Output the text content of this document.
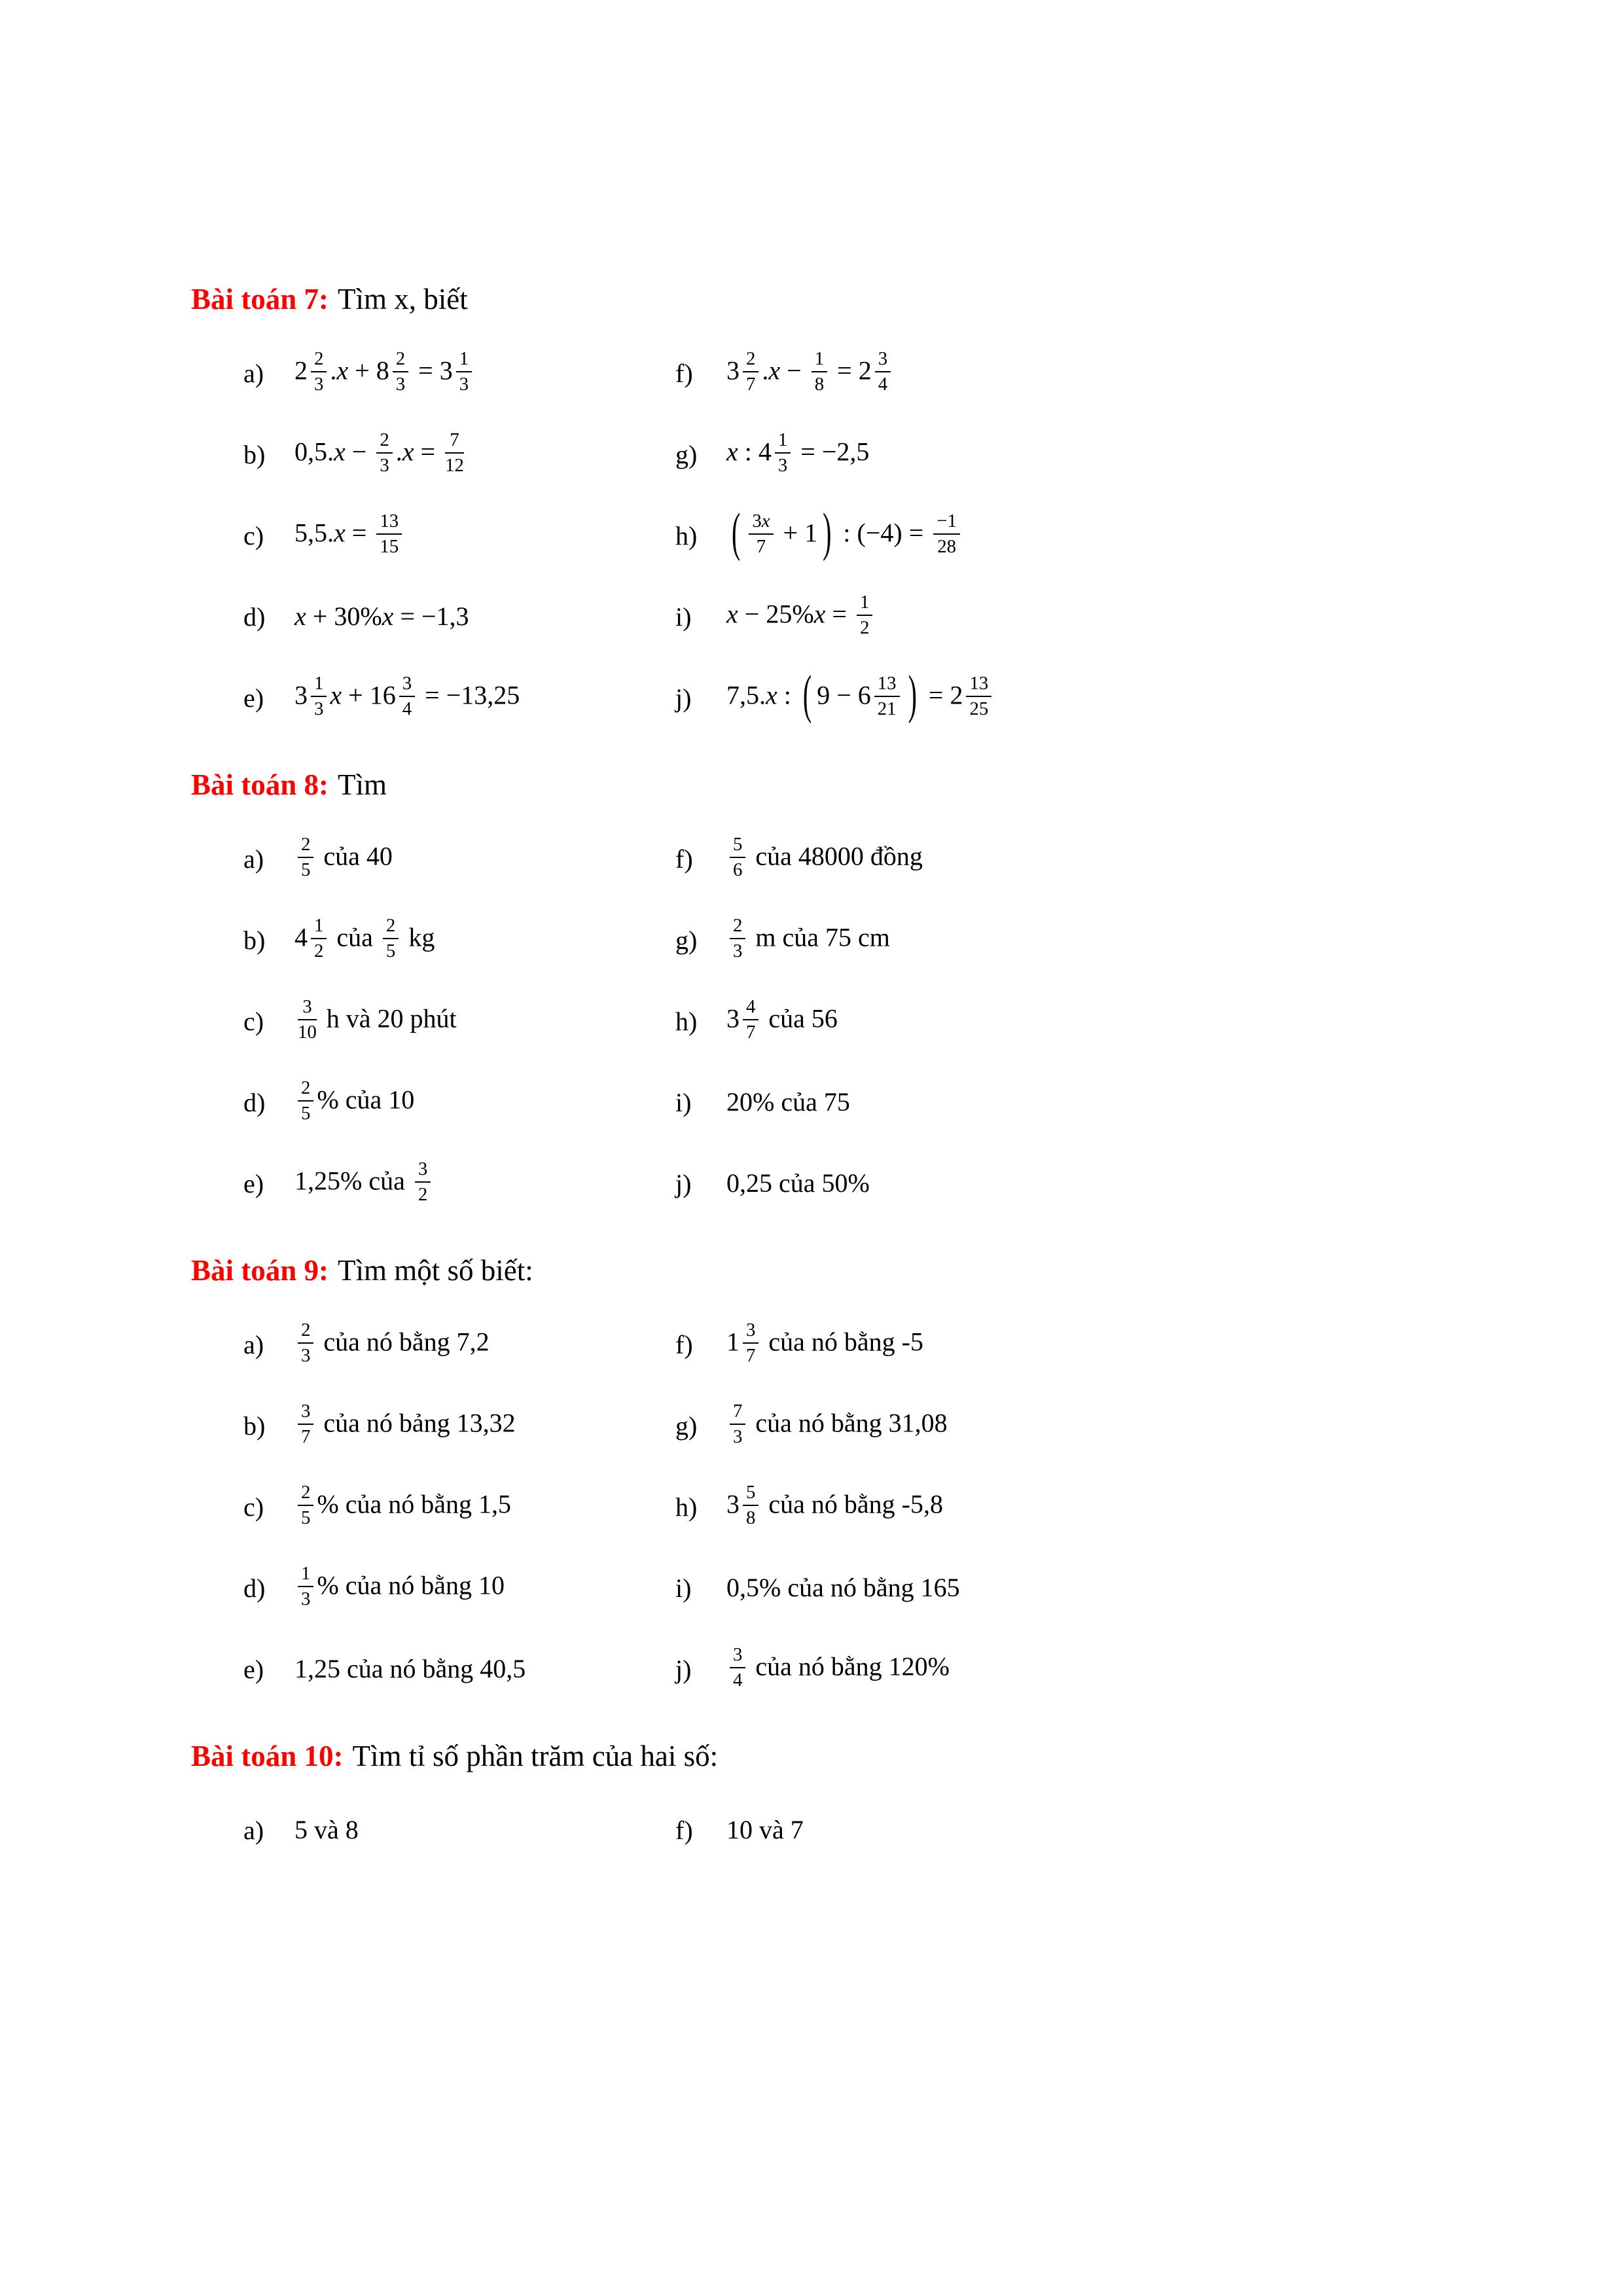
Bài toán 7: Tìm x, biết
a)	$2 \frac{2}{3} .x + 8 \frac{2}{3} = 3 \frac{1}{3}$	f)	$3 \frac{2}{7} .x - \frac{1}{8} = 2 \frac{3}{4}$
b)	$0,5.x - \frac{2}{3} .x = \frac{7}{12}$	g)	x : $4 \frac{1}{3} = -2,5$
c)	$5,5.x = \frac{13}{15}$	h)	( $\frac{3x}{7} + 1$ ) : $(-4) = \frac{-1}{28}$
d)	x + 30%x = −1,3	i)	$x - 25\%x = \frac{1}{2}$
e)	$3 \frac{1}{3}$ $x + 16 \frac{3}{4} = -13,25$	j)	7,5.x : ( $9 - 6 \frac{13}{21}$ ) = $2 \frac{13}{25}$
Bài toán 8: Tìm
a)	$\frac{2}{5}$ của 40	f)	$\frac{5}{6}$ của 48000 đồng
b)	$4 \frac{1}{2}$ của $\frac{2}{5}$ kg	g)	$\frac{2}{3}$ m của 75 cm
c)	$\frac{3}{10}$ h và 20 phút	h)	$3 \frac{4}{7}$ của 56
d)	$\frac{2}{5}$ % của 10	i)	20% của 75
e)	1,25% của $\frac{3}{2}$	j)	0,25 của 50%
Bài toán 9: Tìm một số biết:
a)	$\frac{2}{3}$ của nó bằng 7,2	f)	$1 \frac{3}{7}$ của nó bằng -5
b)	$\frac{3}{7}$ của nó bảng 13,32	g)	$\frac{7}{3}$ của nó bằng 31,08
c)	$\frac{2}{5}$ % của nó bằng 1,5	h)	$3 \frac{5}{8}$ của nó bằng -5,8
d)	$\frac{1}{3}$ % của nó bằng 10	i)	0,5% của nó bằng 165
e)	1,25 của nó bằng 40,5	j)	$\frac{3}{4}$ của nó bằng 120%
Bài toán 10: Tìm tỉ số phần trăm của hai số:
a)	5 và 8	f)	10 và 7
